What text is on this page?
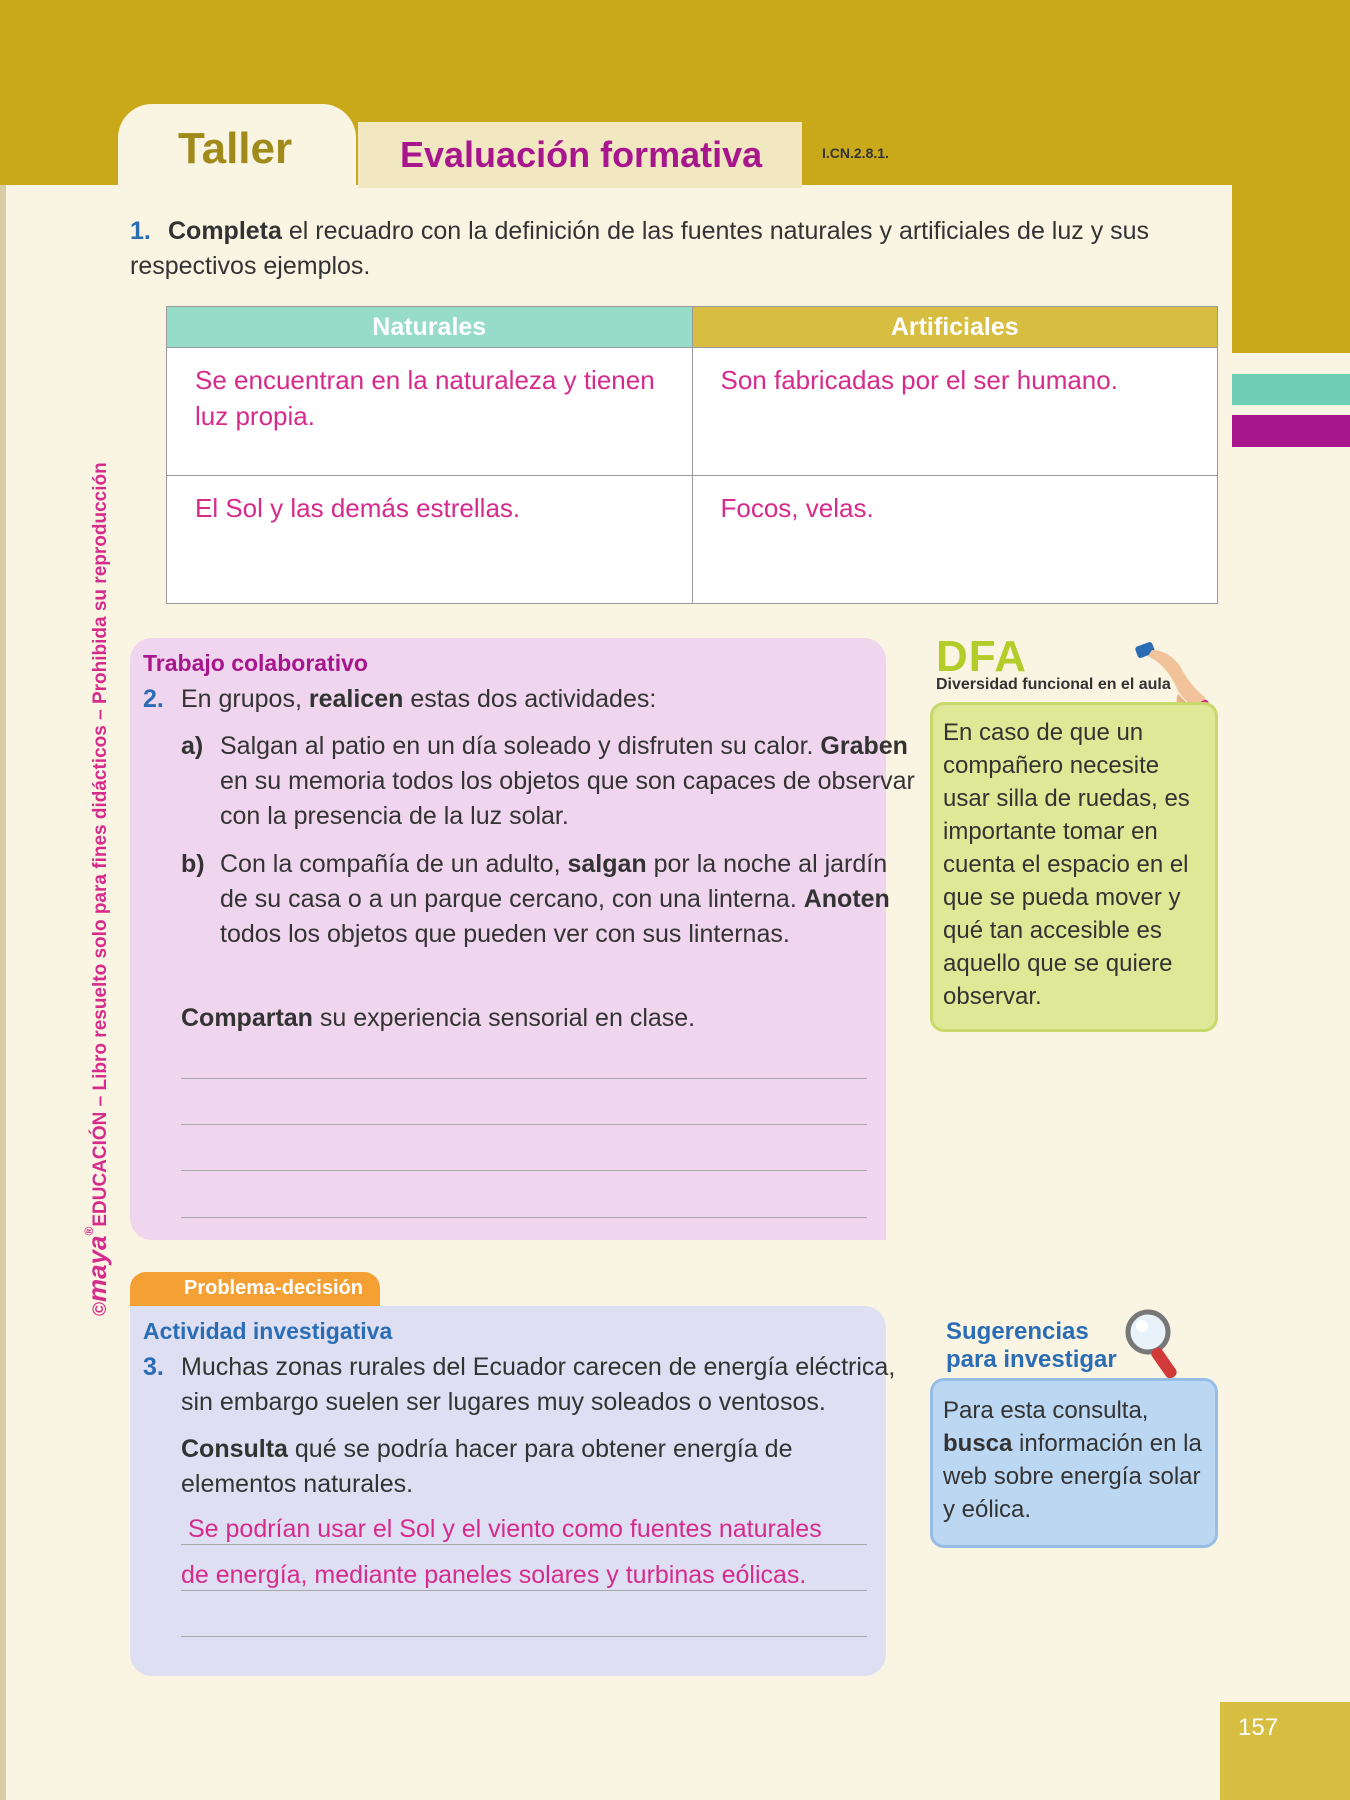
Taller	Evaluación formativa	I.CN.2.8.1.
1. Completa el recuadro con la definición de las fuentes naturales y artificiales de luz y sus respectivos ejemplos.
Naturales	Artificiales
Se encuentran en la naturaleza y tienen luz propia.	Son fabricadas por el ser humano.
El Sol y las demás estrellas.	Focos, velas.
©maya®EDUCACIÓN – Libro resuelto solo para fines didácticos – Prohibida su reproducción Trabajo colaborativo
2. En grupos, realicen estas dos actividades:
a) Salgan al patio en un día soleado y disfruten su calor. Graben en su memoria todos los objetos que son capaces de observar con la presencia de la luz solar.
b) Con la compañía de un adulto, salgan por la noche al jardín de su casa o a un parque cercano, con una linterna. Anoten todos los objetos que pueden ver con sus linternas.
Compartan su experiencia sensorial en clase.
DFA
Diversidad funcional en el aula
En caso de que un compañero necesite usar silla de ruedas, es importante tomar en cuenta el espacio en el que se pueda mover y qué tan accesible es aquello que se quiere observar.
Problema-decisión
Actividad investigativa
3. Muchas zonas rurales del Ecuador carecen de energía eléctrica, sin embargo suelen ser lugares muy soleados o ventosos.
Consulta qué se podría hacer para obtener energía de elementos naturales.
Se podrían usar el Sol y el viento como fuentes naturales
de energía, mediante paneles solares y turbinas eólicas.
Sugerencias
para investigar
Para esta consulta, busca información en la web sobre energía solar y eólica.
157
